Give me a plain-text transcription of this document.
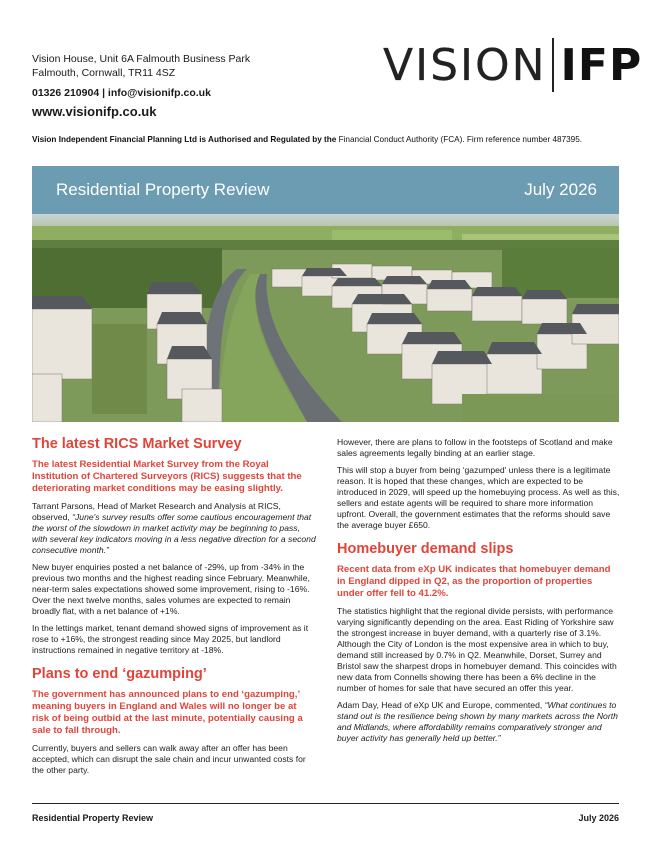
Vision House, Unit 6A Falmouth Business Park
Falmouth, Cornwall, TR11 4SZ
01326 210904 | info@visionifp.co.uk
www.visionifp.co.uk
VISION IFP
Vision Independent Financial Planning Ltd is Authorised and Regulated by the Financial Conduct Authority (FCA). Firm reference number 487395.
Residential Property Review	July 2026
The latest RICS Market Survey
The latest Residential Market Survey from the Royal Institution of Chartered Surveyors (RICS) suggests that the deteriorating market conditions may be easing slightly.

Tarrant Parsons, Head of Market Research and Analysis at RICS, observed, “June's survey results offer some cautious encouragement that the worst of the slowdown in market activity may be beginning to pass, with several key indicators moving in a less negative direction for a second consecutive month.”

New buyer enquiries posted a net balance of -29%, up from -34% in the previous two months and the highest reading since February. Meanwhile, near-term sales expectations showed some improvement, rising to -16%. Over the next twelve months, sales volumes are expected to remain broadly flat, with a net balance of +1%.

In the lettings market, tenant demand showed signs of improvement as it rose to +16%, the strongest reading since May 2025, but landlord instructions remained in negative territory at -18%.

Plans to end ‘gazumping’
The government has announced plans to end ‘gazumping,’ meaning buyers in England and Wales will no longer be at risk of being outbid at the last minute, potentially causing a sale to fall through.

Currently, buyers and sellers can walk away after an offer has been accepted, which can disrupt the sale chain and incur unwanted costs for the other party.

However, there are plans to follow in the footsteps of Scotland and make sales agreements legally binding at an earlier stage.

This will stop a buyer from being ‘gazumped’ unless there is a legitimate reason. It is hoped that these changes, which are expected to be introduced in 2029, will speed up the homebuying process. As well as this, sellers and estate agents will be required to share more information upfront. Overall, the government estimates that the reforms should save the average buyer £650.

Homebuyer demand slips
Recent data from eXp UK indicates that homebuyer demand in England dipped in Q2, as the proportion of properties under offer fell to 41.2%.

The statistics highlight that the regional divide persists, with performance varying significantly depending on the area. East Riding of Yorkshire saw the strongest increase in buyer demand, with a quarterly rise of 3.1%. Although the City of London is the most expensive area in which to buy, demand still increased by 0.7% in Q2. Meanwhile, Dorset, Surrey and Bristol saw the sharpest drops in homebuyer demand. This coincides with new data from Connells showing there has been a 6% decline in the number of homes for sale that have secured an offer this year.

Adam Day, Head of eXp UK and Europe, commented, “What continues to stand out is the resilience being shown by many markets across the North and Midlands, where affordability remains comparatively stronger and buyer activity has generally held up better.”

Residential Property Review	July 2026
